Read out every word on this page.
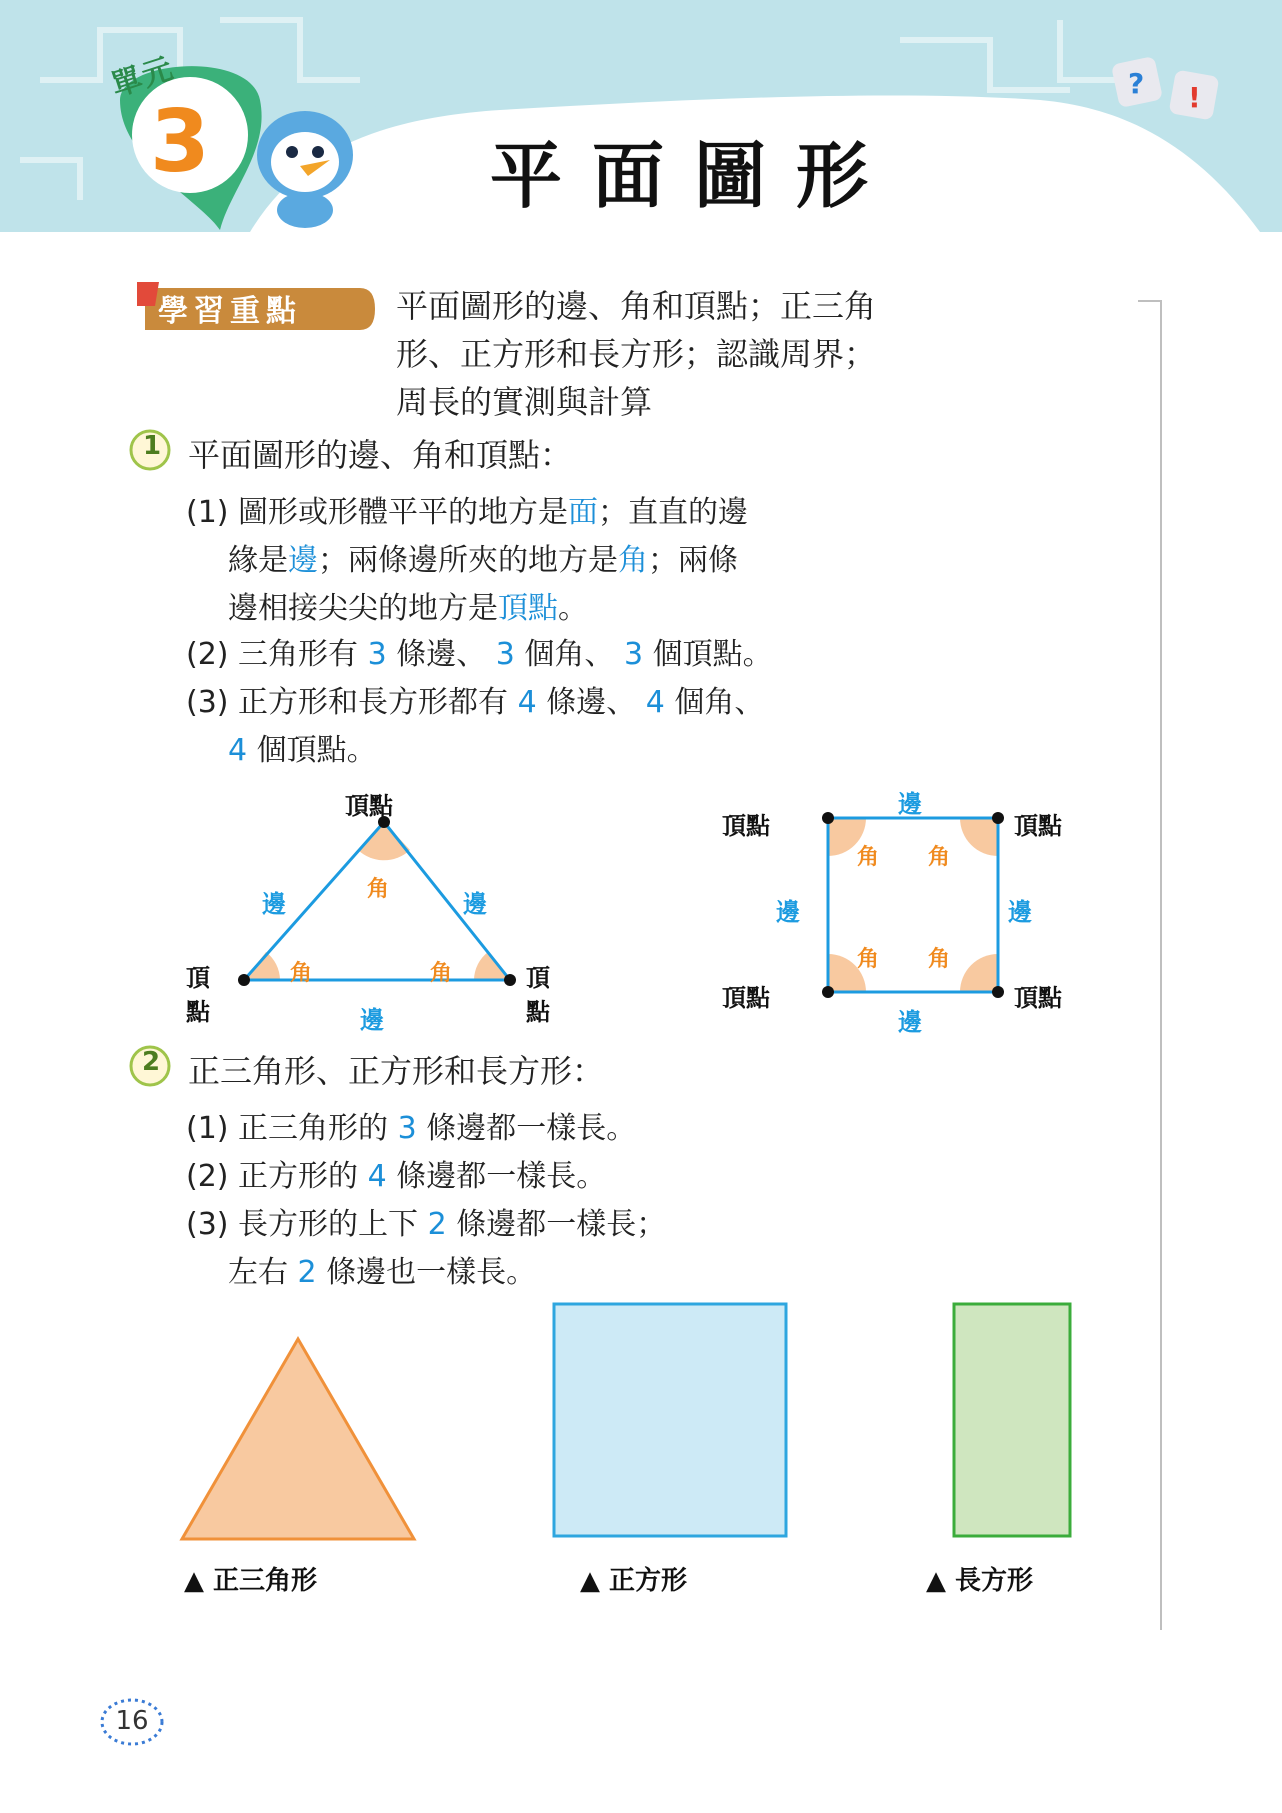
單元
3	平面圖形
? !
學習重點	平面圖形的邊、角和頂點；正三角
形、正方形和長方形；認識周界；
周長的實測與計算
1 平面圖形的邊、角和頂點：
(1) 圖形或形體平平的地方是面；直直的邊
緣是邊；兩條邊所夾的地方是角；兩條
邊相接尖尖的地方是頂點。
(2) 三角形有 3 條邊、 3 個角、 3 個頂點。
(3) 正方形和長方形都有 4 條邊、 4 個角、
4 個頂點。
頂點
頂
點
頂
點
邊	邊
邊
角
角	角
頂點	頂點
頂點	頂點
邊
邊
邊	邊
角 角
角 角
2 正三角形、正方形和長方形：
(1) 正三角形的 3 條邊都一樣長。
(2) 正方形的 4 條邊都一樣長。
(3) 長方形的上下 2 條邊都一樣長；
左右 2 條邊也一樣長。
▲ 正三角形	▲ 正方形	▲ 長方形
16
